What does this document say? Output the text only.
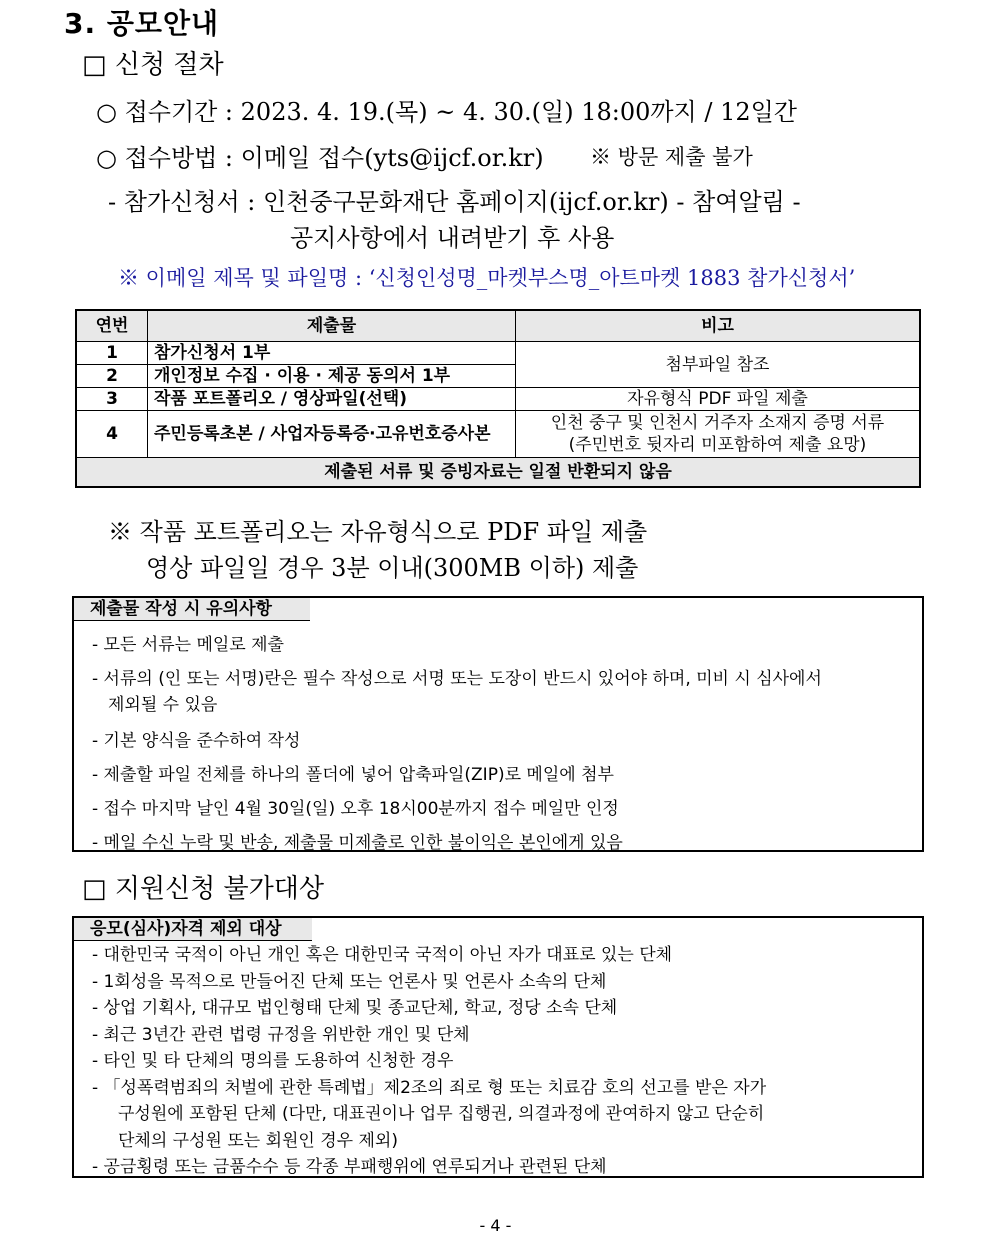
3. 공모안내
□ 신청 절차
○ 접수기간 : 2023. 4. 19.(목) ~ 4. 30.(일) 18:00까지 / 12일간
○ 접수방법 : 이메일 접수(yts@ijcf.or.kr) ※ 방문 제출 불가
- 참가신청서 : 인천중구문화재단 홈페이지(ijcf.or.kr) - 참여알림 -
공지사항에서 내려받기 후 사용
※ 이메일 제목 및 파일명 : ‘신청인성명_마켓부스명_아트마켓 1883 참가신청서’
연번	제출물	비고
1	참가신청서 1부	첨부파일 참조
2	개인정보 수집 · 이용 · 제공 동의서 1부	
3	작품 포트폴리오 / 영상파일(선택)	자유형식 PDF 파일 제출
4	주민등록초본 / 사업자등록증·고유번호증사본	인천 중구 및 인천시 거주자 소재지 증명 서류
(주민번호 뒷자리 미포함하여 제출 요망)

제출된 서류 및 증빙자료는 일절 반환되지 않음		
※ 작품 포트폴리오는 자유형식으로 PDF 파일 제출
영상 파일일 경우 3분 이내(300MB 이하) 제출
제출물 작성 시 유의사항
- 모든 서류는 메일로 제출
- 서류의 (인 또는 서명)란은 필수 작성으로 서명 또는 도장이 반드시 있어야 하며, 미비 시 심사에서
제외될 수 있음
- 기본 양식을 준수하여 작성
- 제출할 파일 전체를 하나의 폴더에 넣어 압축파일(ZIP)로 메일에 첨부
- 접수 마지막 날인 4월 30일(일) 오후 18시00분까지 접수 메일만 인정
- 메일 수신 누락 및 반송, 제출물 미제출로 인한 불이익은 본인에게 있음
□ 지원신청 불가대상
응모(심사)자격 제외 대상
- 대한민국 국적이 아닌 개인 혹은 대한민국 국적이 아닌 자가 대표로 있는 단체
- 1회성을 목적으로 만들어진 단체 또는 언론사 및 언론사 소속의 단체
- 상업 기획사, 대규모 법인형태 단체 및 종교단체, 학교, 정당 소속 단체
- 최근 3년간 관련 법령 규정을 위반한 개인 및 단체
- 타인 및 타 단체의 명의를 도용하여 신청한 경우
- 「성폭력범죄의 처벌에 관한 특례법」제2조의 죄로 형 또는 치료감 호의 선고를 받은 자가
구성원에 포함된 단체 (다만, 대표권이나 업무 집행권, 의결과정에 관여하지 않고 단순히
단체의 구성원 또는 회원인 경우 제외)
- 공금횡령 또는 금품수수 등 각종 부패행위에 연루되거나 관련된 단체
- 4 -
